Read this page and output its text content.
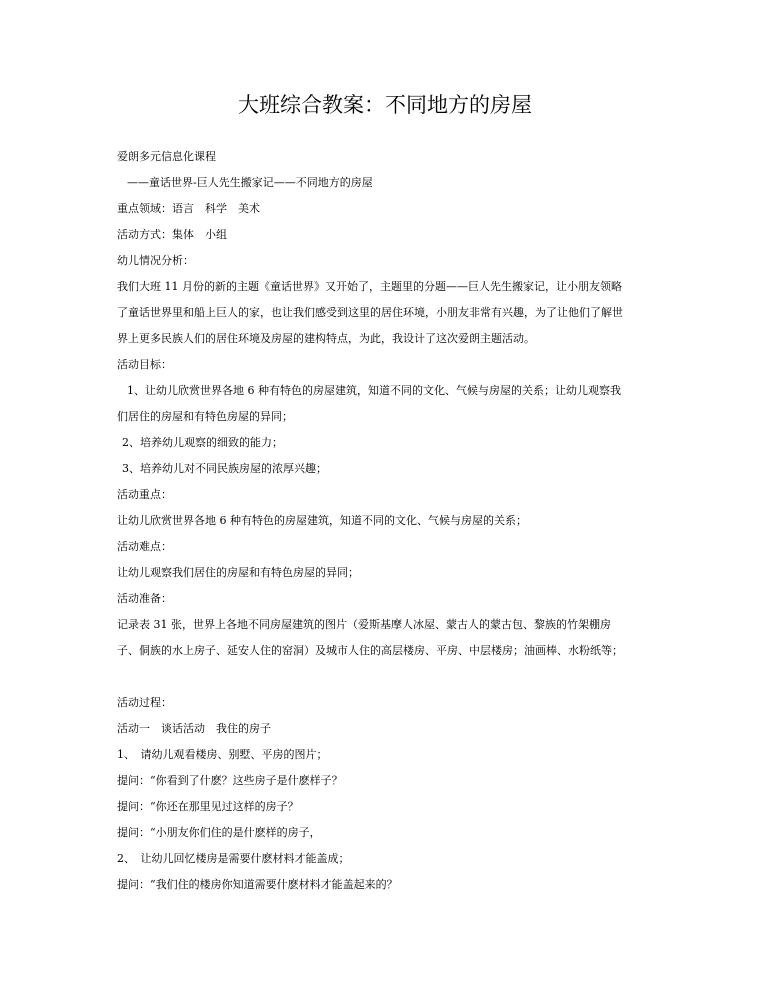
大班综合教案：不同地方的房屋

爱朗多元信息化课程

——童话世界-巨人先生搬家记——不同地方的房屋

重点领域：语言　科学　美术

活动方式：集体　小组

幼儿情况分析：

我们大班 11 月份的新的主题《童话世界》又开始了，主题里的分题——巨人先生搬家记，让小朋友领略

了童话世界里和船上巨人的家，也让我们感受到这里的居住环境，小朋友非常有兴趣，为了让他们了解世

界上更多民族人们的居住环境及房屋的建构特点，为此，我设计了这次爱朗主题活动。

活动目标：

1、让幼儿欣赏世界各地 6 种有特色的房屋建筑，知道不同的文化、气候与房屋的关系；让幼儿观察我

们居住的房屋和有特色房屋的异同；

2、培养幼儿观察的细致的能力；

3、培养幼儿对不同民族房屋的浓厚兴趣；

活动重点：

让幼儿欣赏世界各地 6 种有特色的房屋建筑，知道不同的文化、气候与房屋的关系；

活动难点：

让幼儿观察我们居住的房屋和有特色房屋的异同；

活动准备：

记录表 31 张，世界上各地不同房屋建筑的图片（爱斯基摩人冰屋、蒙古人的蒙古包、黎族的竹架棚房

子、侗族的水上房子、延安人住的窑洞）及城市人住的高层楼房、平房、中层楼房；油画棒、水粉纸等；

活动过程：

活动一　谈话活动　我住的房子

1、　请幼儿观看楼房、别墅、平房的图片；

提问：“你看到了什麽？这些房子是什麽样子？

提问：“你还在那里见过这样的房子？

提问：“小朋友你们住的是什麽样的房子，

2、　让幼儿回忆楼房是需要什麽材料才能盖成；

提问：“我们住的楼房你知道需要什麽材料才能盖起来的？
